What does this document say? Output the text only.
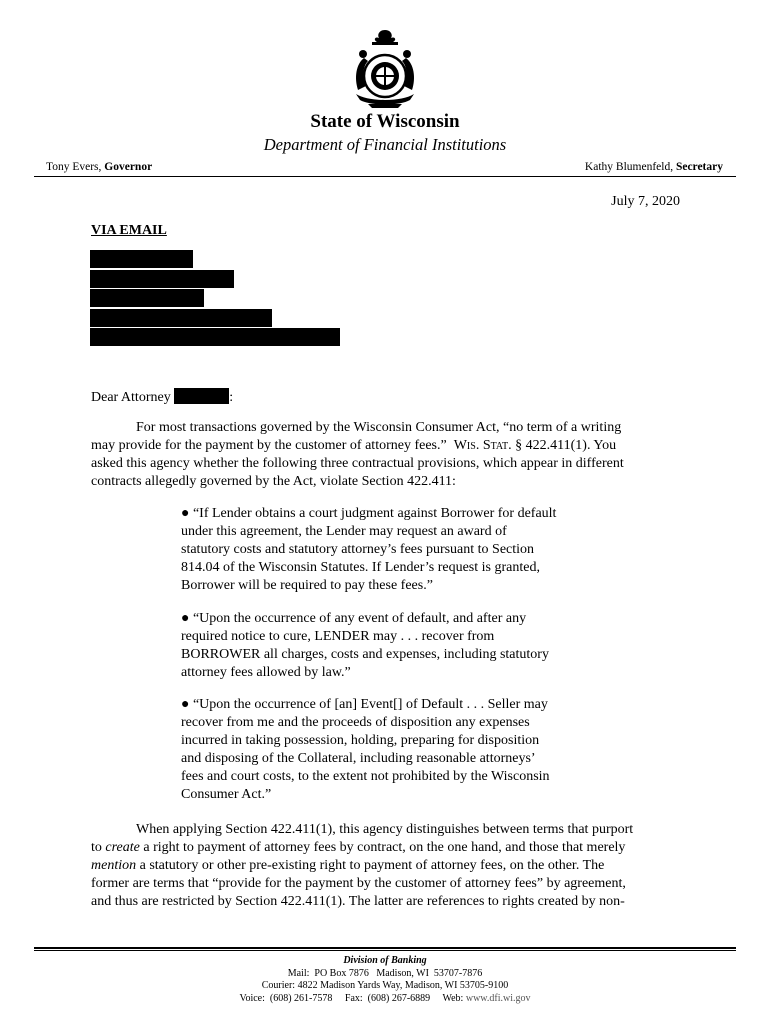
State of Wisconsin
Department of Financial Institutions
Tony Evers, Governor	Kathy Blumenfeld, Secretary
July 7, 2020
VIA EMAIL
Dear Attorney	:
For most transactions governed by the Wisconsin Consumer Act, “no term of a writing
may provide for the payment by the customer of attorney fees.” Wis. Stat. § 422.411(1). You
asked this agency whether the following three contractual provisions, which appear in different
contracts allegedly governed by the Act, violate Section 422.411:
● “If Lender obtains a court judgment against Borrower for default
under this agreement, the Lender may request an award of
statutory costs and statutory attorney’s fees pursuant to Section
814.04 of the Wisconsin Statutes. If Lender’s request is granted,
Borrower will be required to pay these fees.”
● “Upon the occurrence of any event of default, and after any
required notice to cure, LENDER may . . . recover from
BORROWER all charges, costs and expenses, including statutory
attorney fees allowed by law.”
● “Upon the occurrence of [an] Event[] of Default . . . Seller may
recover from me and the proceeds of disposition any expenses
incurred in taking possession, holding, preparing for disposition
and disposing of the Collateral, including reasonable attorneys’
fees and court costs, to the extent not prohibited by the Wisconsin
Consumer Act.”
When applying Section 422.411(1), this agency distinguishes between terms that purport
to create a right to payment of attorney fees by contract, on the one hand, and those that merely
mention a statutory or other pre-existing right to payment of attorney fees, on the other. The
former are terms that “provide for the payment by the customer of attorney fees” by agreement,
and thus are restricted by Section 422.411(1). The latter are references to rights created by non-
Division of Banking
Mail:  PO Box 7876   Madison, WI  53707-7876
Courier: 4822 Madison Yards Way, Madison, WI 53705-9100
Voice:  (608) 261-7578     Fax:  (608) 267-6889     Web: www.dfi.wi.gov
